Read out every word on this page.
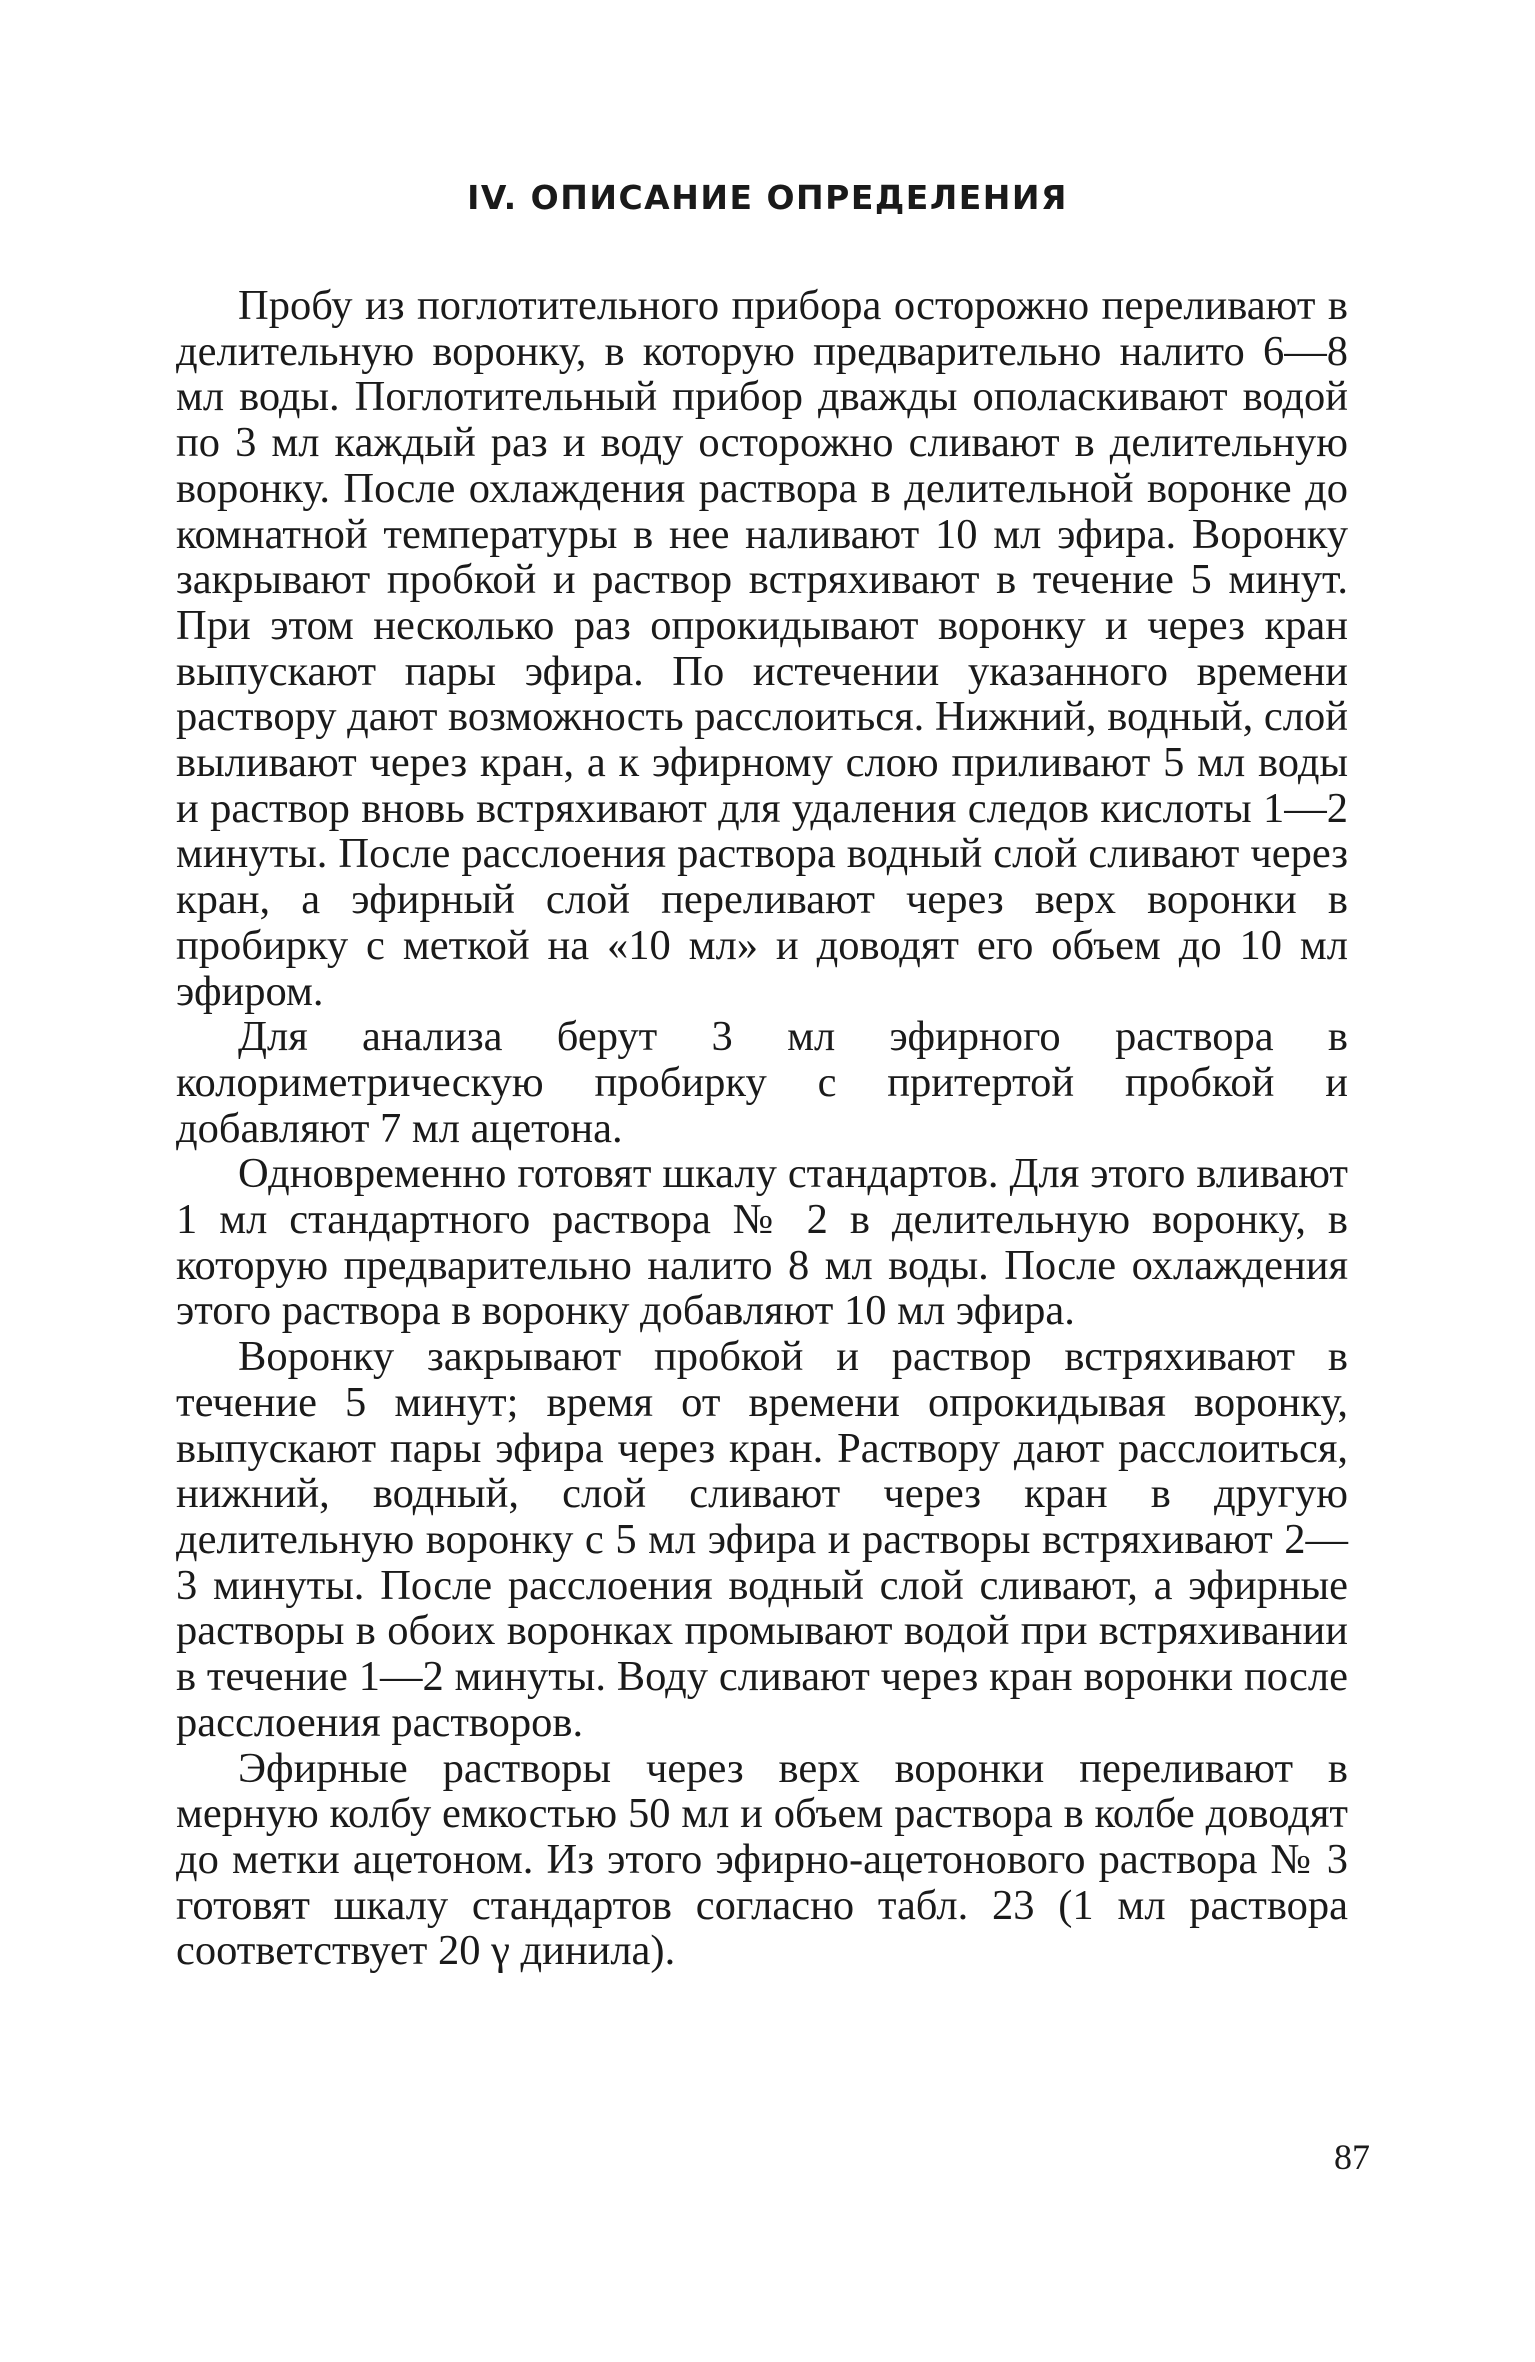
IV. ОПИСАНИЕ ОПРЕДЕЛЕНИЯ

Пробу из поглотительного прибора осторожно переливают в делительную воронку, в которую предварительно налито 6—8 мл воды. Поглотительный прибор дважды ополаскивают водой по 3 мл каждый раз и воду осторожно сливают в делительную воронку. После охлаждения раствора в делительной воронке до комнатной температуры в нее наливают 10 мл эфира. Воронку закрывают пробкой и раствор встряхивают в течение 5 минут. При этом несколько раз опрокидывают воронку и через кран выпускают пары эфира. По истечении указанного времени раствору дают возможность расслоиться. Нижний, водный, слой выливают через кран, а к эфирному слою приливают 5 мл воды и раствор вновь встряхивают для удаления следов кислоты 1—2 минуты. После расслоения раствора водный слой сливают через кран, а эфирный слой переливают через верх воронки в пробирку с меткой на «10 мл» и доводят его объем до 10 мл эфиром.

Для анализа берут 3 мл эфирного раствора в колориметрическую пробирку с притертой пробкой и добавляют 7 мл ацетона.

Одновременно готовят шкалу стандартов. Для этого вливают 1 мл стандартного раствора № 2 в делительную воронку, в которую предварительно налито 8 мл воды. После охлаждения этого раствора в воронку добавляют 10 мл эфира.

Воронку закрывают пробкой и раствор встряхивают в течение 5 минут; время от времени опрокидывая воронку, выпускают пары эфира через кран. Раствору дают расслоиться, нижний, водный, слой сливают через кран в другую делительную воронку с 5 мл эфира и растворы встряхивают 2—3 минуты. После расслоения водный слой сливают, а эфирные растворы в обоих воронках промывают водой при встряхивании в течение 1—2 минуты. Воду сливают через кран воронки после расслоения растворов.

Эфирные растворы через верх воронки переливают в мерную колбу емкостью 50 мл и объем раствора в колбе доводят до метки ацетоном. Из этого эфирно-ацетонового раствора № 3 готовят шкалу стандартов согласно табл. 23 (1 мл раствора соответствует 20 γ динила).

87
